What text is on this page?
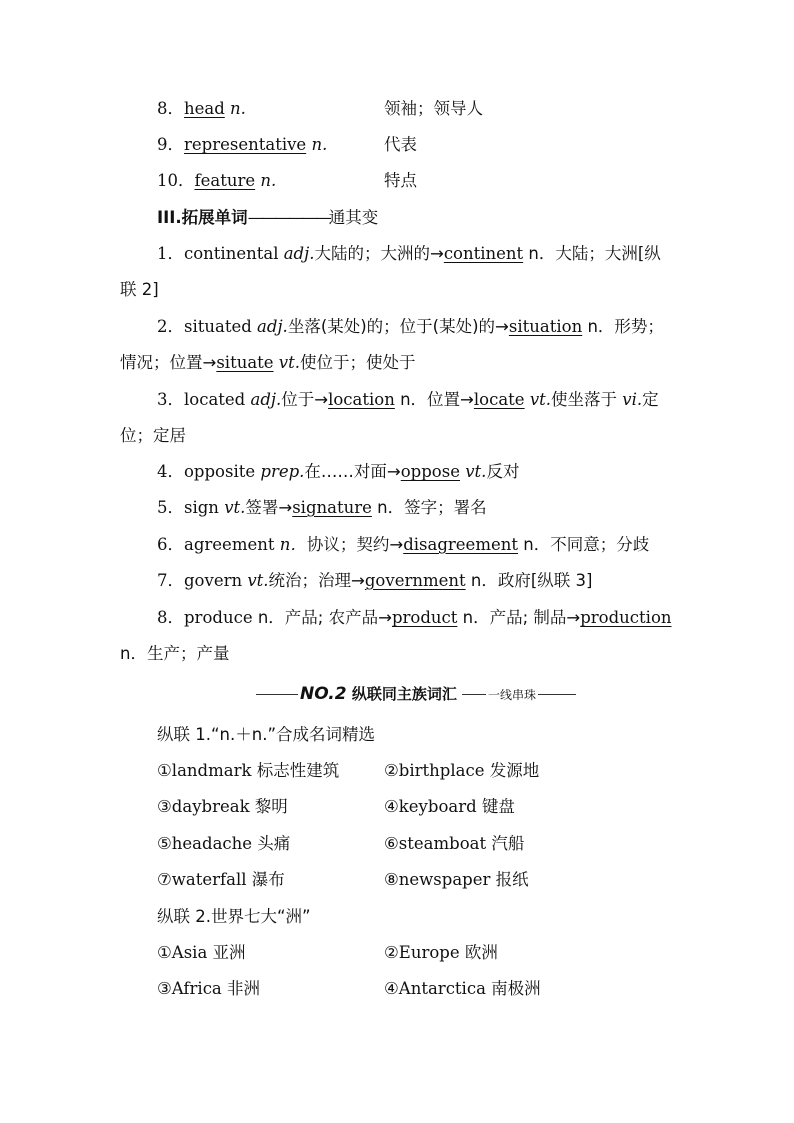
8．head n.	领袖；领导人
9．representative n.	代表
10．feature n.	特点
III.拓展单词——————通其变
1．continental adj.大陆的；大洲的→continent n．大陆；大洲[纵
联 2]
2．situated adj.坐落(某处)的；位于(某处)的→situation n．形势；
情况；位置→situate vt.使位于；使处于
3．located adj.位于→location n．位置→locate vt.使坐落于 vi.定
位；定居
4．opposite prep.在……对面→oppose vt.反对
5．sign vt.签署→signature n．签字；署名
6．agreement n．协议；契约→disagreement n．不同意；分歧
7．govern vt.统治；治理→government n．政府[纵联 3]
8．produce n．产品; 农产品→product n．产品; 制品→production
n．生产；产量
NO.2 纵联同主族词汇	一线串珠
纵联 1.“n.＋n.”合成名词精选
①landmark 标志性建筑	②birthplace 发源地
③daybreak 黎明	④keyboard 键盘
⑤headache 头痛	⑥steamboat 汽船
⑦waterfall 瀑布	⑧newspaper 报纸
纵联 2.世界七大“洲”
①Asia 亚洲	②Europe 欧洲
③Africa 非洲	④Antarctica 南极洲
